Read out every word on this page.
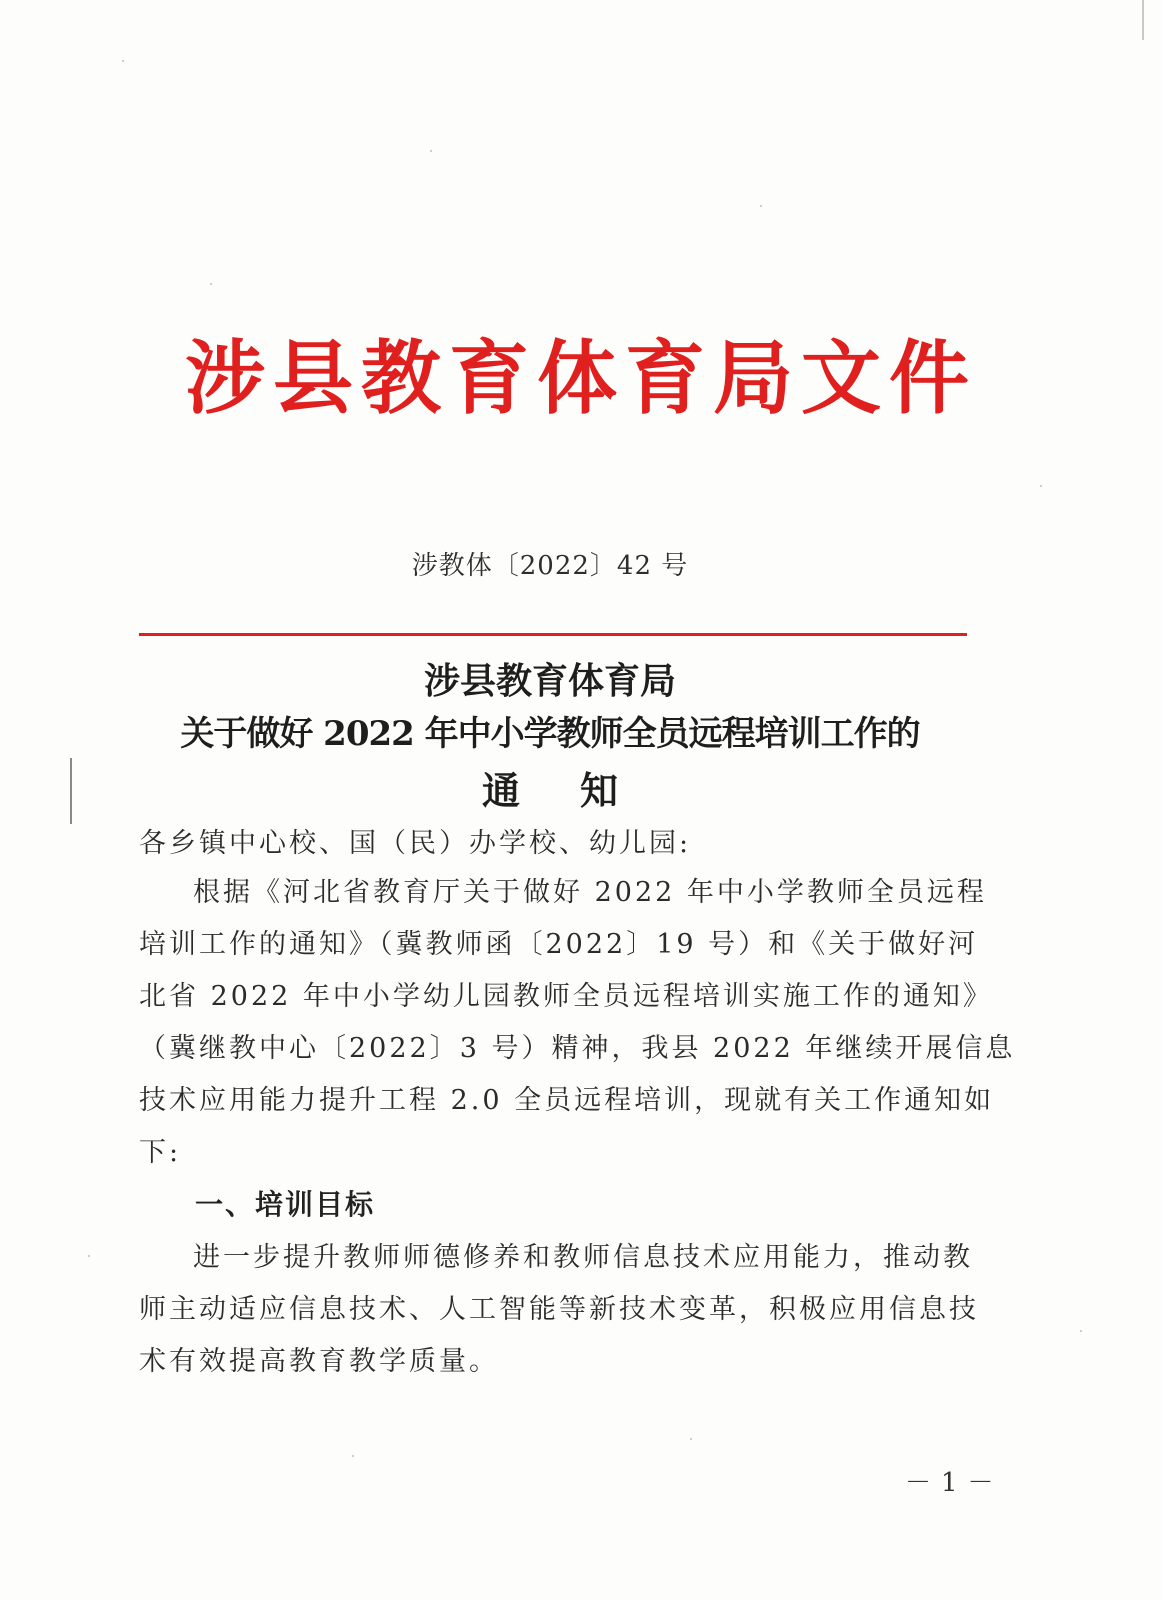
涉县教育体育局文件
涉教体〔2022〕42 号
涉县教育体育局
关于做好 2022 年中小学教师全员远程培训工作的
通知
各乡镇中心校、国（民）办学校、幼儿园:
根据《河北省教育厅关于做好 2022 年中小学教师全员远程
培训工作的通知》（冀教师函〔2022〕19 号）和《关于做好河
北省 2022 年中小学幼儿园教师全员远程培训实施工作的通知》
（冀继教中心〔2022〕3 号）精神，我县 2022 年继续开展信息
技术应用能力提升工程 2.0 全员远程培训，现就有关工作通知如
下:
一、培训目标
进一步提升教师师德修养和教师信息技术应用能力，推动教
师主动适应信息技术、人工智能等新技术变革，积极应用信息技
术有效提高教育教学质量。
－1－
